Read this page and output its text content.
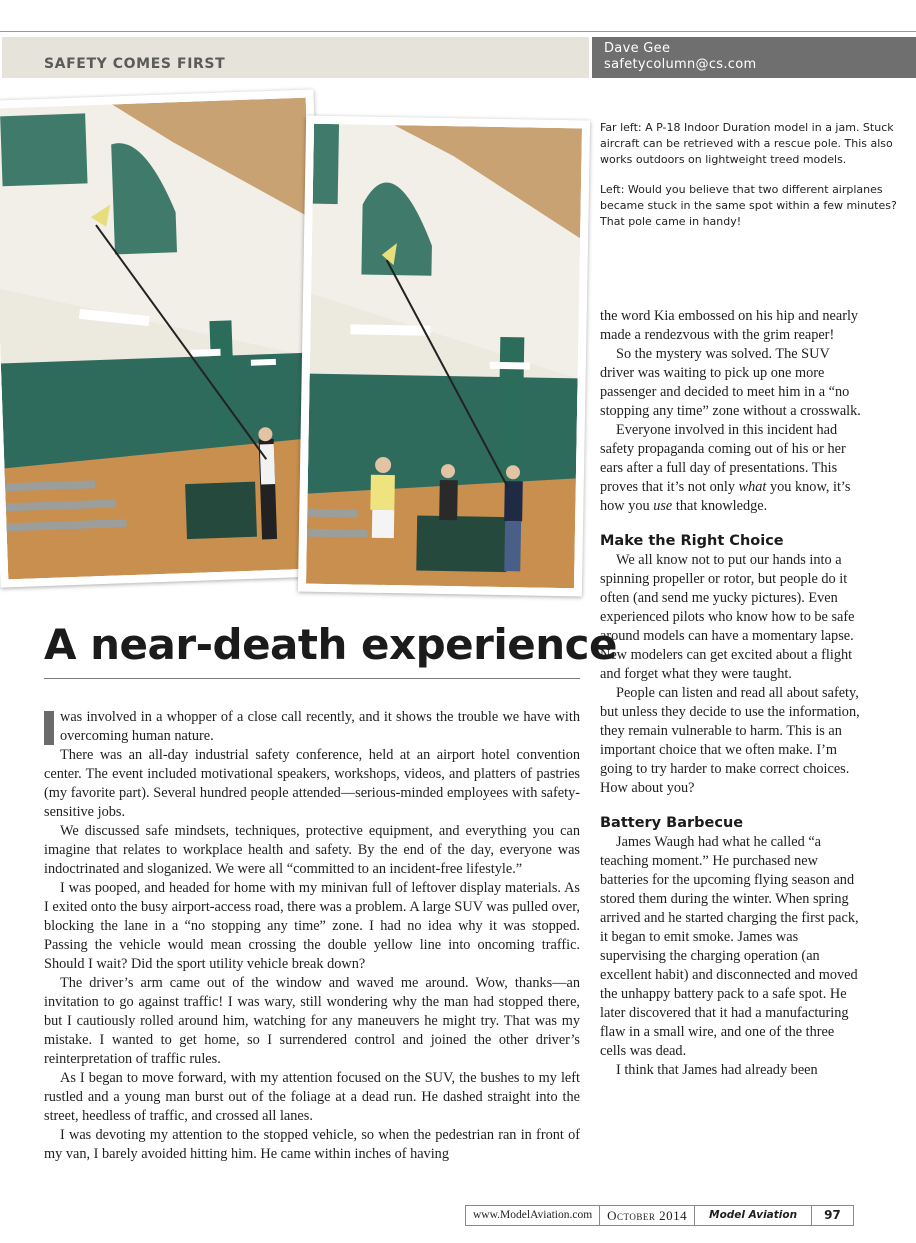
SAFETY COMES FIRST
Dave Gee
safetycolumn@cs.com

Far left: A P-18 Indoor Duration model in a jam. Stuck aircraft can be retrieved with a rescue pole. This also works outdoors on lightweight treed models.

Left: Would you believe that two different airplanes became stuck in the same spot within a few minutes? That pole came in handy!

A near-death experience

was involved in a whopper of a close call recently, and it shows the trouble we have with overcoming human nature.

There was an all-day industrial safety conference, held at an airport hotel convention center. The event included motivational speakers, workshops, videos, and platters of pastries (my favorite part). Several hundred people attended—serious-minded employees with safety-sensitive jobs.

We discussed safe mindsets, techniques, protective equipment, and everything you can imagine that relates to workplace health and safety. By the end of the day, everyone was indoctrinated and sloganized. We were all “committed to an incident-free lifestyle.”

I was pooped, and headed for home with my minivan full of leftover display materials. As I exited onto the busy airport-access road, there was a problem. A large SUV was pulled over, blocking the lane in a “no stopping any time” zone. I had no idea why it was stopped. Passing the vehicle would mean crossing the double yellow line into oncoming traffic. Should I wait? Did the sport utility vehicle break down?

The driver’s arm came out of the window and waved me around. Wow, thanks—an invitation to go against traffic! I was wary, still wondering why the man had stopped there, but I cautiously rolled around him, watching for any maneuvers he might try. That was my mistake. I wanted to get home, so I surrendered control and joined the other driver’s reinterpretation of traffic rules.

As I began to move forward, with my attention focused on the SUV, the bushes to my left rustled and a young man burst out of the foliage at a dead run. He dashed straight into the street, heedless of traffic, and crossed all lanes.

I was devoting my attention to the stopped vehicle, so when the pedestrian ran in front of my van, I barely avoided hitting him. He came within inches of having

the word Kia embossed on his hip and nearly made a rendezvous with the grim reaper!

So the mystery was solved. The SUV driver was waiting to pick up one more passenger and decided to meet him in a “no stopping any time” zone without a crosswalk.

Everyone involved in this incident had safety propaganda coming out of his or her ears after a full day of presentations. This proves that it’s not only what you know, it’s how you use that knowledge.

Make the Right Choice

We all know not to put our hands into a spinning propeller or rotor, but people do it often (and send me yucky pictures). Even experienced pilots who know how to be safe around models can have a momentary lapse. New modelers can get excited about a flight and forget what they were taught.

People can listen and read all about safety, but unless they decide to use the information, they remain vulnerable to harm. This is an important choice that we often make. I’m going to try harder to make correct choices. How about you?

Battery Barbecue

James Waugh had what he called “a teaching moment.” He purchased new batteries for the upcoming flying season and stored them during the winter. When spring arrived and he started charging the first pack, it began to emit smoke. James was supervising the charging operation (an excellent habit) and disconnected and moved the unhappy battery pack to a safe spot. He later discovered that it had a manufacturing flaw in a small wire, and one of the three cells was dead.

I think that James had already been

www.ModelAviation.com	October 2014	Model Aviation	97
